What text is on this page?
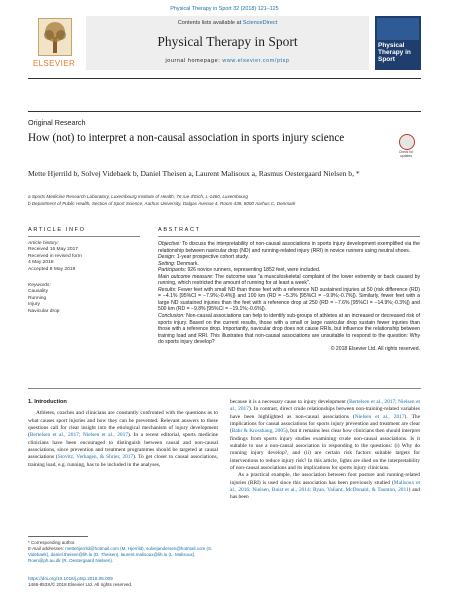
Physical Therapy in Sport 32 (2018) 121–125
ELSEVIER
Contents lists available at ScienceDirect
Physical Therapy in Sport
journal homepage: www.elsevier.com/ptsp
Physical Therapy in Sport
Original Research
How (not) to interpret a non-causal association in sports injury science
Check for updates
Mette Hjerrild b, Solvej Videbaek b, Daniel Theisen a, Laurent Malisoux a, Rasmus Oestergaard Nielsen b, *
a Sports Medicine Research Laboratory, Luxembourg Institute of Health, 76 rue d'Eich, L-1460, Luxembourg
b Department of Public Health, Section of Sport Science, Aarhus University, Dalgas Avenue 4, Room 438, 8000 Aarhus C, Denmark
ARTICLE INFO	ABSTRACT
Article history:
Received 16 May 2017
Received in revised form
4 May 2018
Accepted 8 May 2018
Keywords:
Causality
Running
Injury
Navicular drop

Objective: To discuss the interpretability of non-causal associations in sports injury development exemplified via the relationship between navicular drop (ND) and running-related injury (RRI) in novice runners using neutral shoes.

Design: 1-year prospective cohort study.

Setting: Denmark.

Participants: 926 novice runners, representing 1852 feet, were included.

Main outcome measure: The outcome was "a musculoskeletal complaint of the lower extremity or back caused by running, which restricted the amount of running for at least a week".

Results: Fewer feet with small ND than those feet with a reference ND sustained injuries at 50 (risk difference (RD) = −4.1% [95%CI = −7.9%;-0.4%]) and 100 km (RD = −5.3% [95%CI = −9.9%;-0.7%]). Similarly, fewer feet with a large ND sustained injuries than the feet with a reference drop at 250 (RD = −7.6% [95%CI = −14.9%;-0.3%]) and 500 km (RD = −9.8% [95%CI = −19.1%;-0.6%]).

Conclusion: Non-causal associations can help to identify sub-groups of athletes at an increased or decreased risk of sports injury. Based on the current results, those with a small or large navicular drop sustain fewer injuries than those with a reference drop. Importantly, navicular drop does not cause RRIs, but influence the relationship between training load and RRI. This illustrates that non-causal associations are unsuitable to respond to the question: Why do sports injury develop?

© 2018 Elsevier Ltd. All rights reserved.

1. Introduction

Athletes, coaches and clinicians are constantly confronted with the questions as to what causes sport injuries and how they can be prevented. Relevant answers to these questions call for clear insight into the etiological mechanism of injury development (Bertelsen et al., 2017; Nielsen et al., 2017). In a recent editorial, sports medicine clinicians have been encouraged to distinguish between causal and non-causal associations, since prevention and treatment programmes should be targeted at causal associations (Stovitz, Verhagen, & Shrier, 2017). To get closer to causal associations, training load, e.g. running, has to be included in the analyses,

because it is a necessary cause to injury development (Bertelsen et al., 2017; Nielsen et al., 2017). In contrast, direct crude relationships between non-training-related variables have been highlighted as non-causal associations (Nielsen et al., 2017). The implications for causal associations for sports injury prevention and treatment are clear (Bahr & Krosshaug, 2005), but it remains less clear how clinicians then should interpret findings from sports injury studies examining crude non-causal associations. Is it suitable to use a non-causal association in responding to the questions: (i) Why do running injury develop?, and (ii) are certain risk factors suitable targets for interventions to reduce injury risk? In this article, lights are shed on the interpretability of non-causal associations and its implications for sports injury clinicians.

As a practical example, the association between foot posture and running-related injuries (RRI) is used since this association has been previously studied (Malisoux et al., 2016; Nielsen, Buist et al., 2014; Ryan, Valiant, McDonald, & Taunton, 2011) and has been

* Corresponding author.
E-mail addresses: mettehjerrild@hotmail.com (M. Hjerrild), solvejandersen@hotmail.com (S. Videbaek), daniel.theisen@lih.lu (D. Theisen), laurent.malisoux@lih.lu (L. Malisoux), Roen@ph.au.dk (R. Oestergaard Nielsen).
https://doi.org/10.1016/j.ptsp.2018.05.009
1466-853X/© 2018 Elsevier Ltd. All rights reserved.
